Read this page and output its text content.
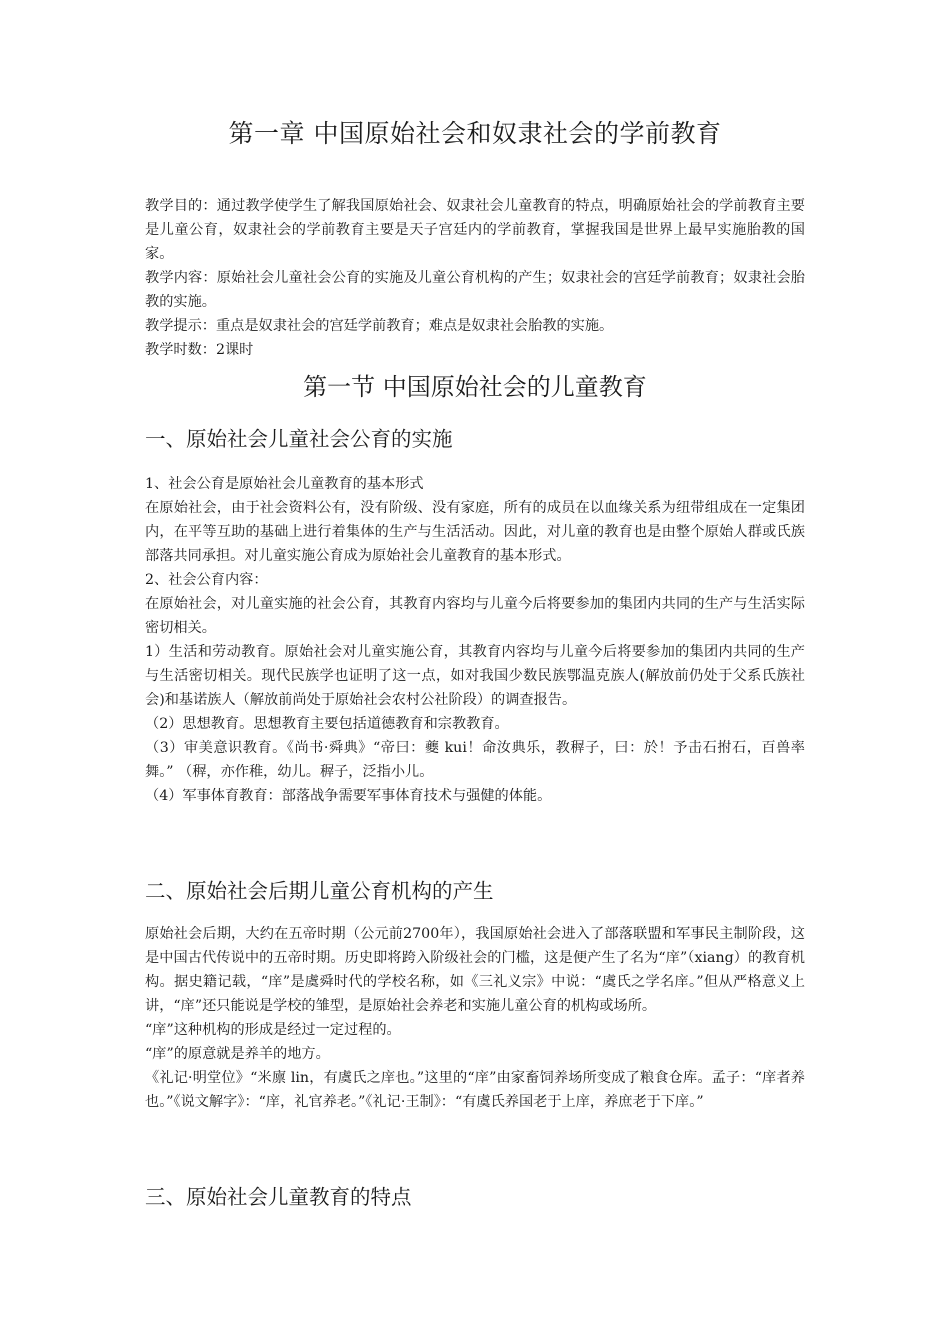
第一章 中国原始社会和奴隶社会的学前教育

教学目的：通过教学使学生了解我国原始社会、奴隶社会儿童教育的特点，明确原始社会的学前教育主要是儿童公育，奴隶社会的学前教育主要是天子宫廷内的学前教育，掌握我国是世界上最早实施胎教的国家。

教学内容：原始社会儿童社会公育的实施及儿童公育机构的产生；奴隶社会的宫廷学前教育；奴隶社会胎教的实施。

教学提示：重点是奴隶社会的宫廷学前教育；难点是奴隶社会胎教的实施。

教学时数：2课时

第一节 中国原始社会的儿童教育
一、原始社会儿童社会公育的实施

1、社会公育是原始社会儿童教育的基本形式

在原始社会，由于社会资料公有，没有阶级、没有家庭，所有的成员在以血缘关系为纽带组成在一定集团内，在平等互助的基础上进行着集体的生产与生活活动。因此，对儿童的教育也是由整个原始人群或氏族部落共同承担。对儿童实施公育成为原始社会儿童教育的基本形式。

2、社会公育内容：

在原始社会，对儿童实施的社会公育，其教育内容均与儿童今后将要参加的集团内共同的生产与生活实际密切相关。

1）生活和劳动教育。原始社会对儿童实施公育，其教育内容均与儿童今后将要参加的集团内共同的生产与生活密切相关。现代民族学也证明了这一点，如对我国少数民族鄂温克族人(解放前仍处于父系氏族社会)和基诺族人（解放前尚处于原始社会农村公社阶段）的调查报告。

（2）思想教育。思想教育主要包括道德教育和宗教教育。

（3）审美意识教育。《尚书·舜典》“帝曰：夔 kui！命汝典乐，教稺子，曰：於！予击石拊石，百兽率舞。” （稺，亦作稚，幼儿。稺子，泛指小儿。

（4）军事体育教育：部落战争需要军事体育技术与强健的体能。

二、原始社会后期儿童公育机构的产生

原始社会后期，大约在五帝时期（公元前2700年），我国原始社会进入了部落联盟和军事民主制阶段，这是中国古代传说中的五帝时期。历史即将跨入阶级社会的门槛，这是便产生了名为“庠”（xiang）的教育机构。据史籍记载，“庠”是虞舜时代的学校名称，如《三礼义宗》中说：“虞氏之学名庠。”但从严格意义上讲，“庠”还只能说是学校的雏型，是原始社会养老和实施儿童公育的机构或场所。

“庠”这种机构的形成是经过一定过程的。

“庠”的原意就是养羊的地方。

《礼记·明堂位》“米廪 lin，有虞氏之庠也。”这里的“庠”由家畜饲养场所变成了粮食仓库。孟子：“庠者养也。”《说文解字》：“庠，礼官养老。”《礼记·王制》：“有虞氏养国老于上庠，养庶老于下庠。”

三、原始社会儿童教育的特点
